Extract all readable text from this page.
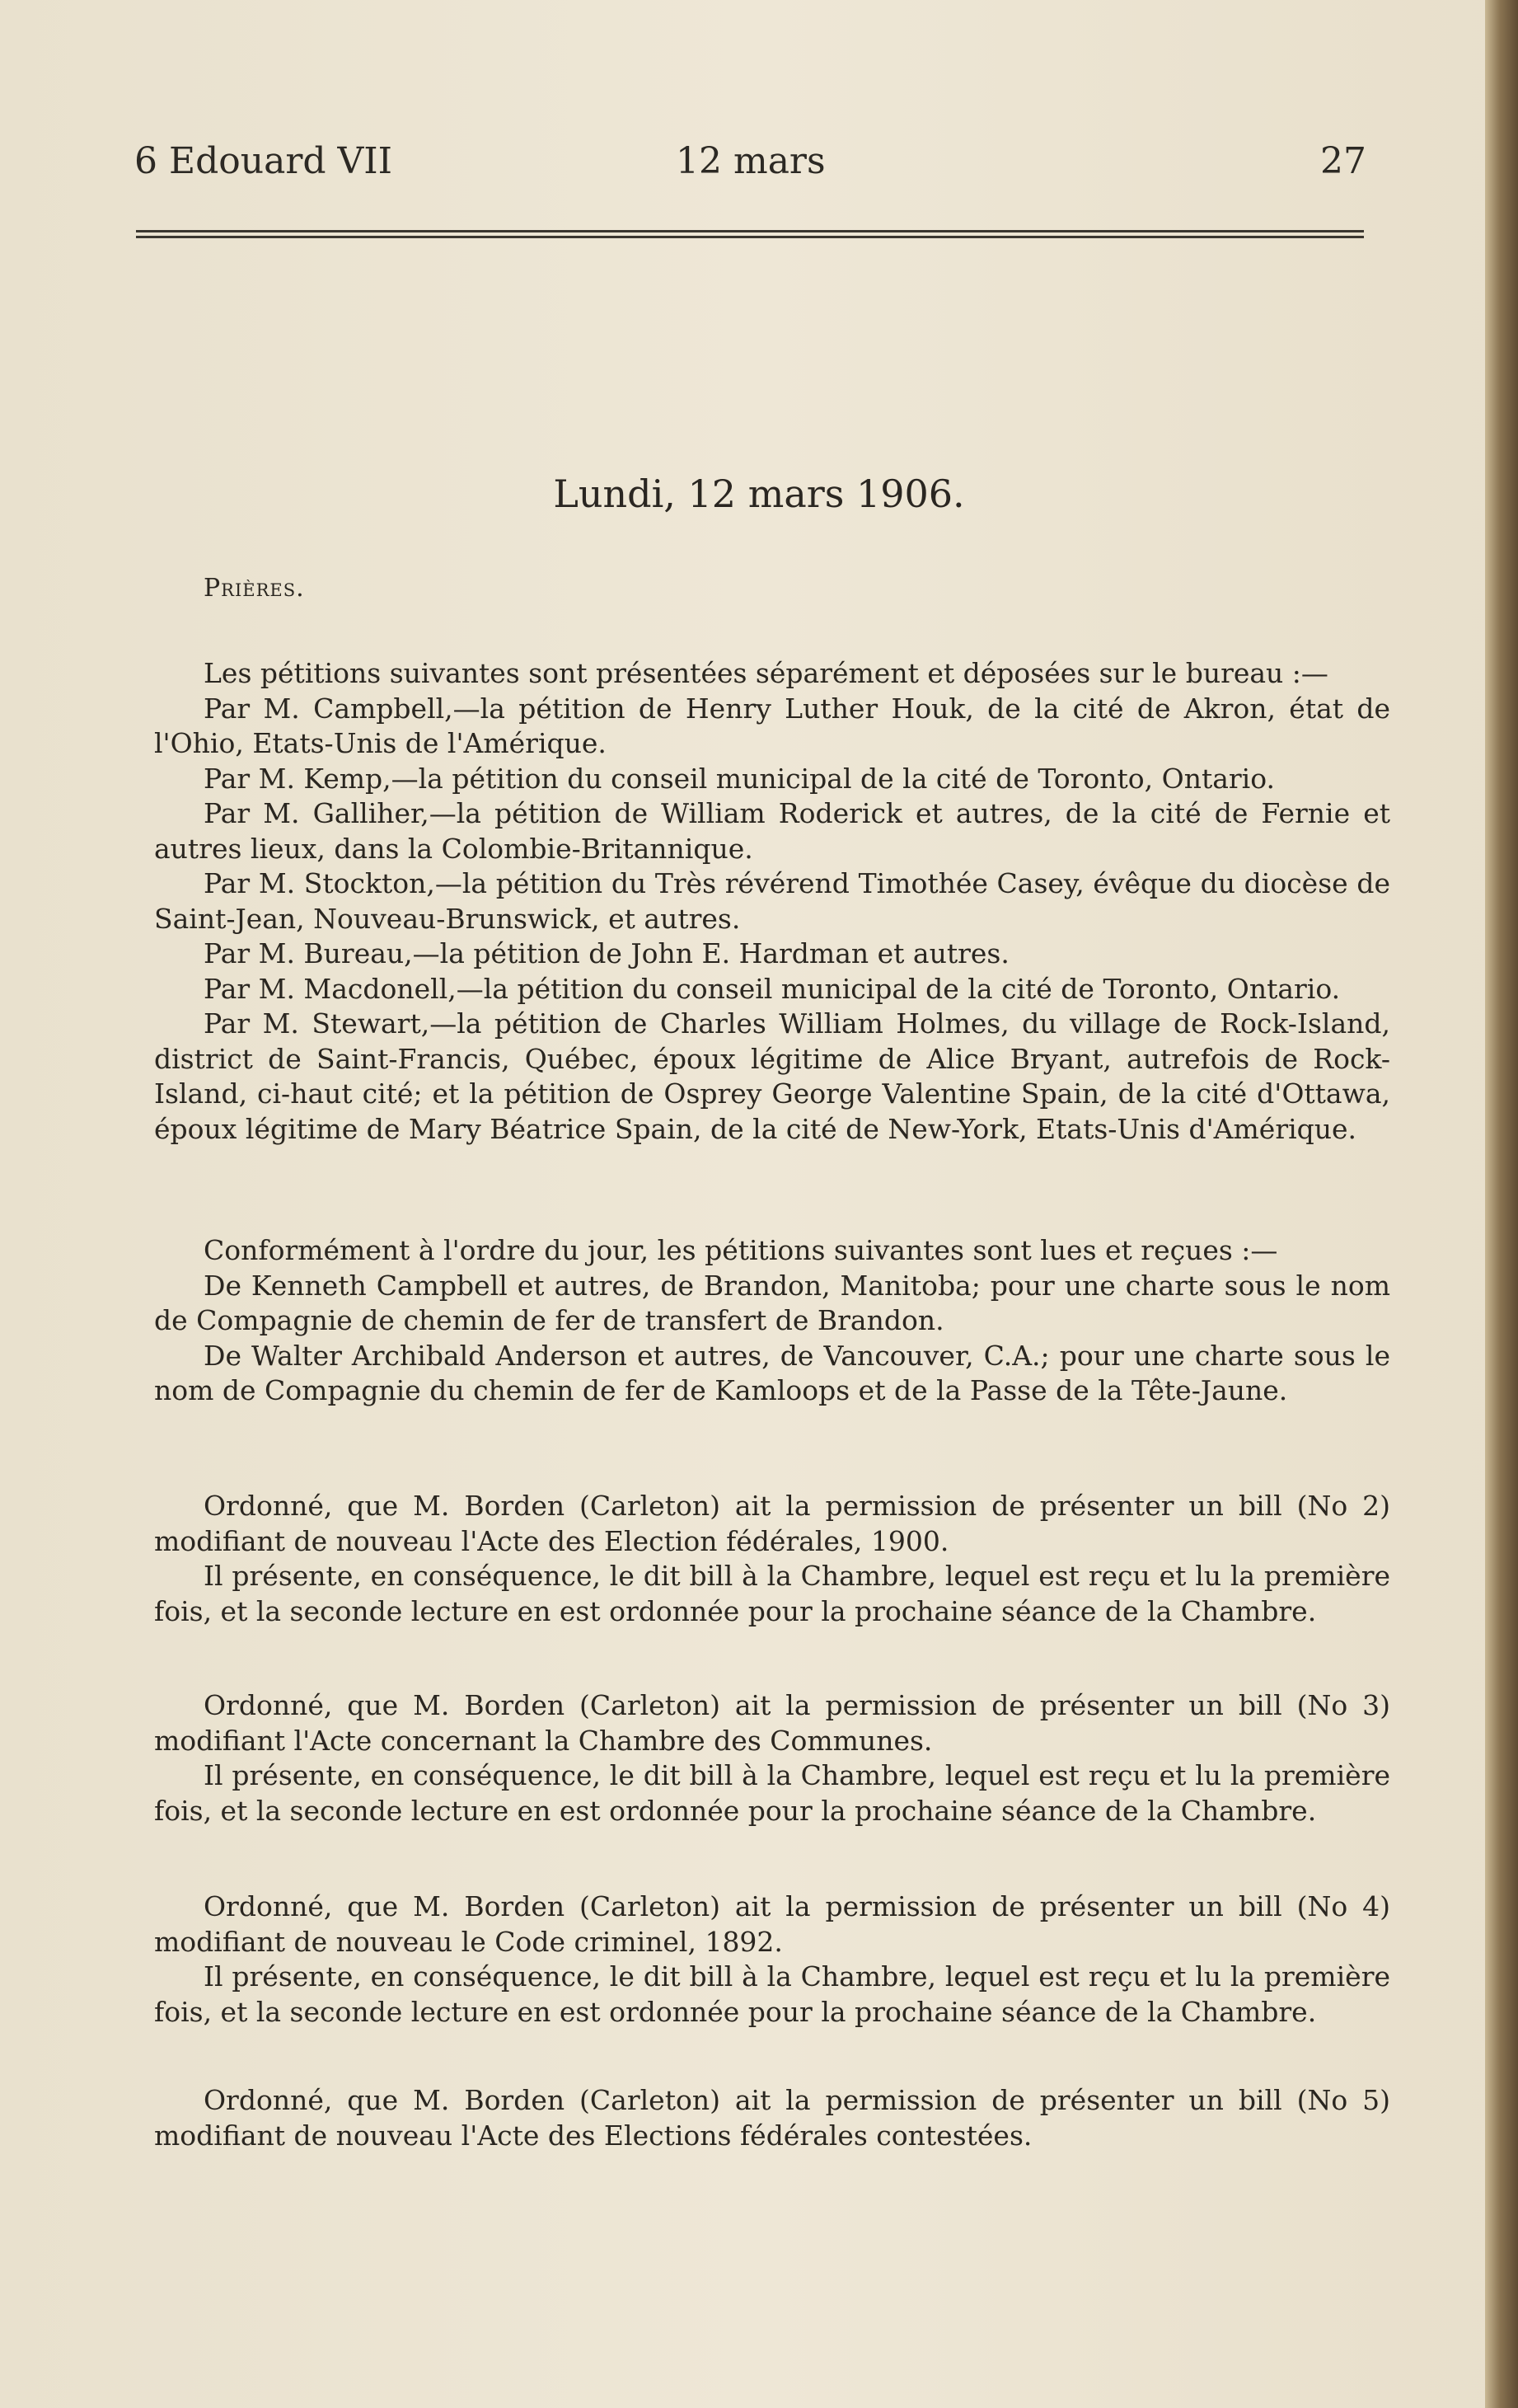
6 Edouard VII	12 mars	27
Lundi, 12 mars 1906.
Prières.

Les pétitions suivantes sont présentées séparément et déposées sur le bureau :—

Par M. Campbell,—la pétition de Henry Luther Houk, de la cité de Akron, état de l'Ohio, Etats-Unis de l'Amérique.

Par M. Kemp,—la pétition du conseil municipal de la cité de Toronto, Ontario.

Par M. Galliher,—la pétition de William Roderick et autres, de la cité de Fernie et autres lieux, dans la Colombie-Britannique.

Par M. Stockton,—la pétition du Très révérend Timothée Casey, évêque du diocèse de Saint-Jean, Nouveau-Brunswick, et autres.

Par M. Bureau,—la pétition de John E. Hardman et autres.

Par M. Macdonell,—la pétition du conseil municipal de la cité de Toronto, Ontario.

Par M. Stewart,—la pétition de Charles William Holmes, du village de Rock-Island, district de Saint-Francis, Québec, époux légitime de Alice Bryant, autrefois de Rock-Island, ci-haut cité; et la pétition de Osprey George Valentine Spain, de la cité d'Ottawa, époux légitime de Mary Béatrice Spain, de la cité de New-York, Etats-Unis d'Amérique.

Conformément à l'ordre du jour, les pétitions suivantes sont lues et reçues :—

De Kenneth Campbell et autres, de Brandon, Manitoba; pour une charte sous le nom de Compagnie de chemin de fer de transfert de Brandon.

De Walter Archibald Anderson et autres, de Vancouver, C.A.; pour une charte sous le nom de Compagnie du chemin de fer de Kamloops et de la Passe de la Tête-Jaune.

Ordonné, que M. Borden (Carleton) ait la permission de présenter un bill (No 2) modifiant de nouveau l'Acte des Election fédérales, 1900.

Il présente, en conséquence, le dit bill à la Chambre, lequel est reçu et lu la première fois, et la seconde lecture en est ordonnée pour la prochaine séance de la Chambre.

Ordonné, que M. Borden (Carleton) ait la permission de présenter un bill (No 3) modifiant l'Acte concernant la Chambre des Communes.

Il présente, en conséquence, le dit bill à la Chambre, lequel est reçu et lu la première fois, et la seconde lecture en est ordonnée pour la prochaine séance de la Chambre.

Ordonné, que M. Borden (Carleton) ait la permission de présenter un bill (No 4) modifiant de nouveau le Code criminel, 1892.

Il présente, en conséquence, le dit bill à la Chambre, lequel est reçu et lu la première fois, et la seconde lecture en est ordonnée pour la prochaine séance de la Chambre.

Ordonné, que M. Borden (Carleton) ait la permission de présenter un bill (No 5) modifiant de nouveau l'Acte des Elections fédérales contestées.
